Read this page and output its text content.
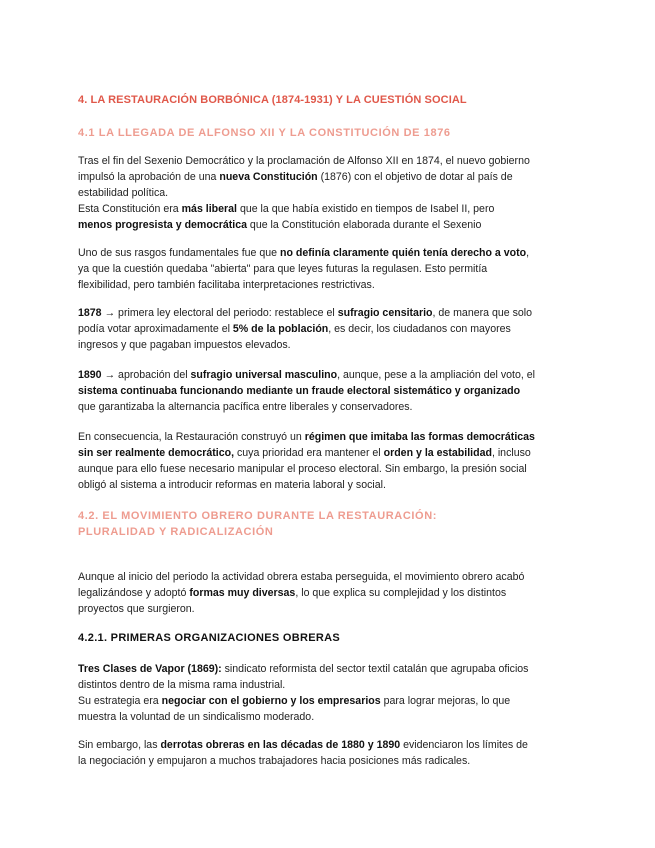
4. LA RESTAURACIÓN BORBÓNICA (1874-1931) Y LA CUESTIÓN SOCIAL
4.1 LA LLEGADA DE ALFONSO XII Y LA CONSTITUCIÓN DE 1876
4.2. EL MOVIMIENTO OBRERO DURANTE LA RESTAURACIÓN: PLURALIDAD Y RADICALIZACIÓN
4.2.1. PRIMERAS ORGANIZACIONES OBRERAS
Tras el fin del Sexenio Democrático y la proclamación de Alfonso XII en 1874, el nuevo gobierno
impulsó la aprobación de una nueva Constitución (1876) con el objetivo de dotar al país de
estabilidad política.
Esta Constitución era más liberal que la que había existido en tiempos de Isabel II, pero
menos progresista y democrática que la Constitución elaborada durante el Sexenio
Uno de sus rasgos fundamentales fue que no definía claramente quién tenía derecho a voto,
ya que la cuestión quedaba "abierta" para que leyes futuras la regulasen. Esto permitía
flexibilidad, pero también facilitaba interpretaciones restrictivas.
1878 → primera ley electoral del periodo: restablece el sufragio censitario, de manera que solo
podía votar aproximadamente el 5% de la población, es decir, los ciudadanos con mayores
ingresos y que pagaban impuestos elevados.
1890 → aprobación del sufragio universal masculino, aunque, pese a la ampliación del voto, el
sistema continuaba funcionando mediante un fraude electoral sistemático y organizado
que garantizaba la alternancia pacífica entre liberales y conservadores.
En consecuencia, la Restauración construyó un régimen que imitaba las formas democráticas
sin ser realmente democrático, cuya prioridad era mantener el orden y la estabilidad, incluso
aunque para ello fuese necesario manipular el proceso electoral. Sin embargo, la presión social
obligó al sistema a introducir reformas en materia laboral y social.
Aunque al inicio del periodo la actividad obrera estaba perseguida, el movimiento obrero acabó
legalizándose y adoptó formas muy diversas, lo que explica su complejidad y los distintos
proyectos que surgieron.
Tres Clases de Vapor (1869): sindicato reformista del sector textil catalán que agrupaba oficios
distintos dentro de la misma rama industrial.
Su estrategia era negociar con el gobierno y los empresarios para lograr mejoras, lo que
muestra la voluntad de un sindicalismo moderado.
Sin embargo, las derrotas obreras en las décadas de 1880 y 1890 evidenciaron los límites de
la negociación y empujaron a muchos trabajadores hacia posiciones más radicales.
